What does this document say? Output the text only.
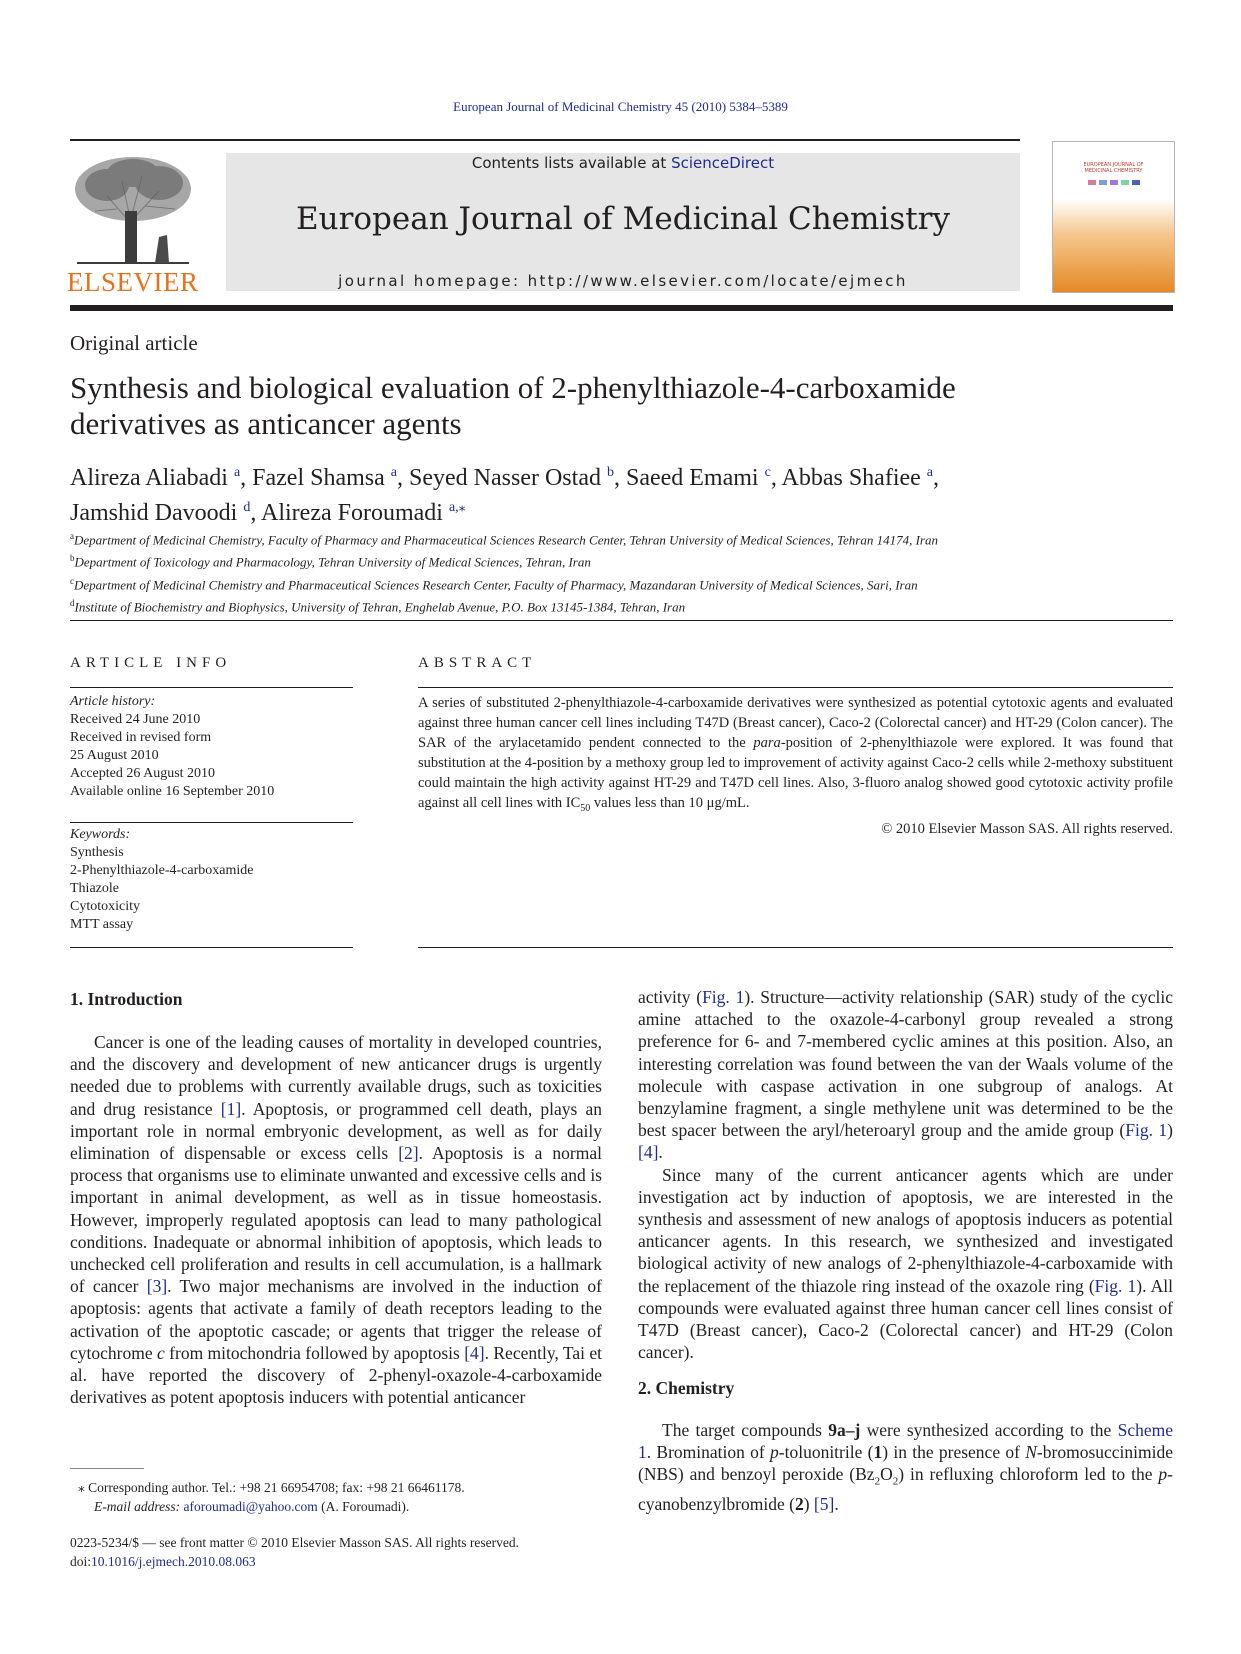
European Journal of Medicinal Chemistry 45 (2010) 5384–5389
ELSEVIER
Contents lists available at ScienceDirect
European Journal of Medicinal Chemistry
journal homepage: http://www.elsevier.com/locate/ejmech
EUROPEAN JOURNAL OF MEDICINAL CHEMISTRY
Original article
Synthesis and biological evaluation of 2-phenylthiazole-4-carboxamide
derivatives as anticancer agents
Alireza Aliabadi $^a$, Fazel Shamsa $^a$, Seyed Nasser Ostad $^b$, Saeed Emami $^c$, Abbas Shafiee $^a$,
Jamshid Davoodi $^d$, Alireza Foroumadi $^{a,⁎}$
$^a$Department of Medicinal Chemistry, Faculty of Pharmacy and Pharmaceutical Sciences Research Center, Tehran University of Medical Sciences, Tehran 14174, Iran
$^b$Department of Toxicology and Pharmacology, Tehran University of Medical Sciences, Tehran, Iran
$^c$Department of Medicinal Chemistry and Pharmaceutical Sciences Research Center, Faculty of Pharmacy, Mazandaran University of Medical Sciences, Sari, Iran
$^d$Institute of Biochemistry and Biophysics, University of Tehran, Enghelab Avenue, P.O. Box 13145-1384, Tehran, Iran
ARTICLE INFO
Article history:
Received 24 June 2010
Received in revised form
25 August 2010
Accepted 26 August 2010
Available online 16 September 2010
Keywords:
Synthesis
2-Phenylthiazole-4-carboxamide
Thiazole
Cytotoxicity
MTT assay
ABSTRACT
A series of substituted 2-phenylthiazole-4-carboxamide derivatives were synthesized as potential cytotoxic agents and evaluated against three human cancer cell lines including T47D (Breast cancer), Caco-2 (Colorectal cancer) and HT-29 (Colon cancer). The SAR of the arylacetamido pendent connected to the para-position of 2-phenylthiazole were explored. It was found that substitution at the 4-position by a methoxy group led to improvement of activity against Caco-2 cells while 2-methoxy substituent could maintain the high activity against HT-29 and T47D cell lines. Also, 3-fluoro analog showed good cytotoxic activity profile against all cell lines with $IC_{50}$ values less than 10 μg/mL.
© 2010 Elsevier Masson SAS. All rights reserved.
1. Introduction

Cancer is one of the leading causes of mortality in developed countries, and the discovery and development of new anticancer drugs is urgently needed due to problems with currently available drugs, such as toxicities and drug resistance [1]. Apoptosis, or programmed cell death, plays an important role in normal embryonic development, as well as for daily elimination of dispensable or excess cells [2]. Apoptosis is a normal process that organisms use to eliminate unwanted and excessive cells and is important in animal development, as well as in tissue homeostasis. However, improperly regulated apoptosis can lead to many pathological conditions. Inadequate or abnormal inhibition of apoptosis, which leads to unchecked cell proliferation and results in cell accumulation, is a hallmark of cancer [3]. Two major mechanisms are involved in the induction of apoptosis: agents that activate a family of death receptors leading to the activation of the apoptotic cascade; or agents that trigger the release of cytochrome c from mitochondria followed by apoptosis [4]. Recently, Tai et al. have reported the discovery of 2-phenyl-oxazole-4-carboxamide derivatives as potent apoptosis inducers with potential anticancer

⁎ Corresponding author. Tel.: +98 21 66954708; fax: +98 21 66461178.
E-mail address: aforoumadi@yahoo.com (A. Foroumadi).
0223-5234/$ — see front matter © 2010 Elsevier Masson SAS. All rights reserved.
doi:10.1016/j.ejmech.2010.08.063

activity (Fig. 1). Structure—activity relationship (SAR) study of the cyclic amine attached to the oxazole-4-carbonyl group revealed a strong preference for 6- and 7-membered cyclic amines at this position. Also, an interesting correlation was found between the van der Waals volume of the molecule with caspase activation in one subgroup of analogs. At benzylamine fragment, a single methylene unit was determined to be the best spacer between the aryl/heteroaryl group and the amide group (Fig. 1) [4].

Since many of the current anticancer agents which are under investigation act by induction of apoptosis, we are interested in the synthesis and assessment of new analogs of apoptosis inducers as potential anticancer agents. In this research, we synthesized and investigated biological activity of new analogs of 2-phenylthiazole-4-carboxamide with the replacement of the thiazole ring instead of the oxazole ring (Fig. 1). All compounds were evaluated against three human cancer cell lines consist of T47D (Breast cancer), Caco-2 (Colorectal cancer) and HT-29 (Colon cancer).

2. Chemistry

The target compounds 9a–j were synthesized according to the Scheme 1. Bromination of p-toluonitrile (1) in the presence of N-bromosuccinimide (NBS) and benzoyl peroxide $(Bz_2O_2)$ in refluxing chloroform led to the p-cyanobenzylbromide (2) [5].
